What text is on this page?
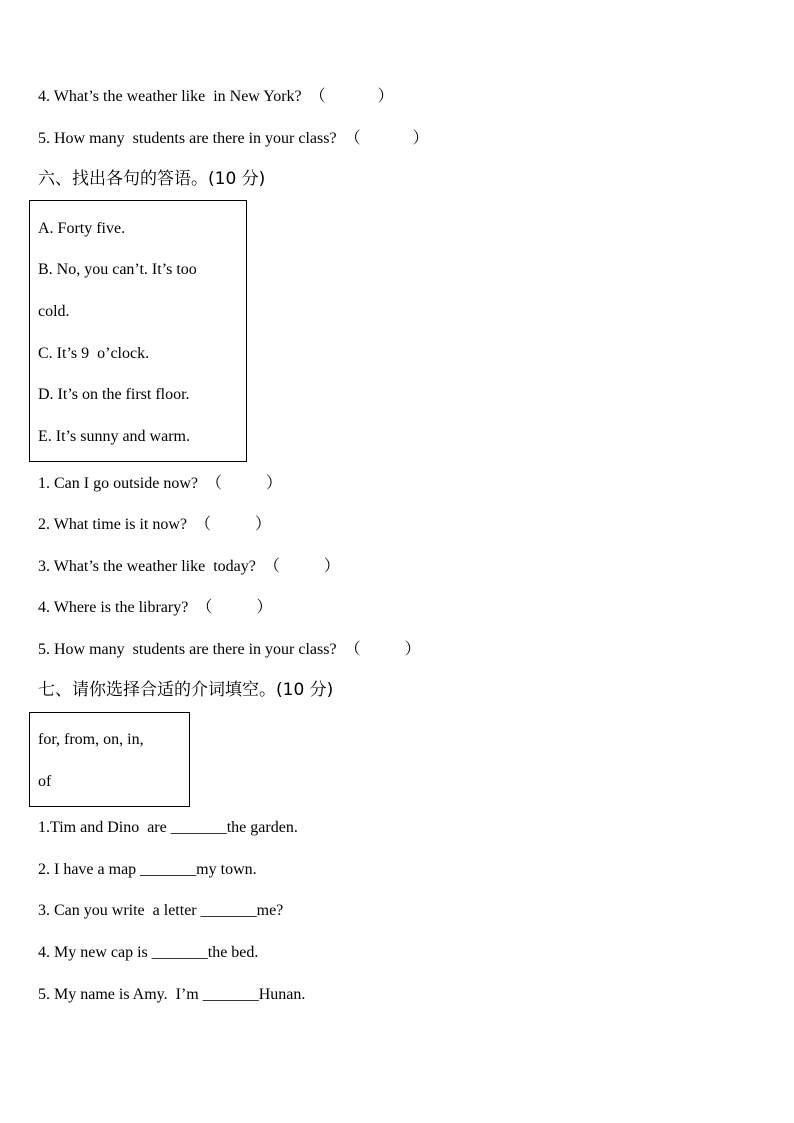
4. What’s the weather like  in New York?  （             ）
5. How many  students are there in your class?  （             ）
六、找出各句的答语。(10 分)
A. Forty five.
B. No, you can’t. It’s too
cold.
C. It’s 9  o’clock.
D. It’s on the first floor.
E. It’s sunny and warm.
1. Can I go outside now?  （           ）
2. What time is it now?  （           ）
3. What’s the weather like  today?  （           ）
4. Where is the library?  （           ）
5. How many  students are there in your class?  （           ）
七、请你选择合适的介词填空。(10 分)
for, from, on, in,
of
1.Tim and Dino  are _______the garden.
2. I have a map _______my town.
3. Can you write  a letter _______me?
4. My new cap is _______the bed.
5. My name is Amy.  I’m _______Hunan.
